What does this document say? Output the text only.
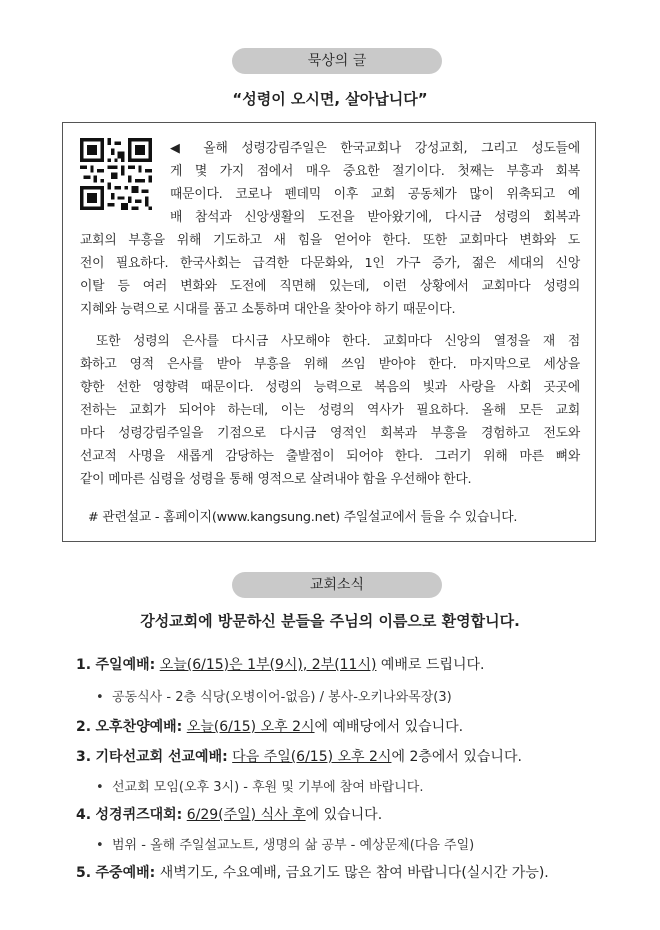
묵상의 글
“성령이 오시면, 살아납니다”
◀ 올해 성령강림주일은 한국교회나 강성교회, 그리고 성도들에
게 몇 가지 점에서 매우 중요한 절기이다. 첫째는 부흥과 회복
때문이다. 코로나 펜데믹 이후 교회 공동체가 많이 위축되고 예
배 참석과 신앙생활의 도전을 받아왔기에, 다시금 성령의 회복과
교회의 부흥을 위해 기도하고 새 힘을 얻어야 한다. 또한 교회마다 변화와 도
전이 필요하다. 한국사회는 급격한 다문화와, 1인 가구 증가, 젊은 세대의 신앙
이탈 등 여러 변화와 도전에 직면해 있는데, 이런 상황에서 교회마다 성령의
지혜와 능력으로 시대를 품고 소통하며 대안을 찾아야 하기 때문이다.
또한 성령의 은사를 다시금 사모해야 한다. 교회마다 신앙의 열정을 재 점
화하고 영적 은사를 받아 부흥을 위해 쓰임 받아야 한다. 마지막으로 세상을
향한 선한 영향력 때문이다. 성령의 능력으로 복음의 빛과 사랑을 사회 곳곳에
전하는 교회가 되어야 하는데, 이는 성령의 역사가 필요하다. 올해 모든 교회
마다 성령강림주일을 기점으로 다시금 영적인 회복과 부흥을 경험하고 전도와
선교적 사명을 새롭게 감당하는 출발점이 되어야 한다. 그러기 위해 마른 뼈와
같이 메마른 심령을 성령을 통해 영적으로 살려내야 함을 우선해야 한다.
# 관련설교 - 홈페이지(www.kangsung.net) 주일설교에서 들을 수 있습니다.
교회소식
강성교회에 방문하신 분들을 주님의 이름으로 환영합니다.
1. 주일예배: 오늘(6/15)은 1부(9시), 2부(11시) 예배로 드립니다.
• 공동식사 - 2층 식당(오병이어-없음) / 봉사-오키나와목장(3)
2. 오후찬양예배: 오늘(6/15) 오후 2시에 예배당에서 있습니다.
3. 기타선교회 선교예배: 다음 주일(6/15) 오후 2시에 2층에서 있습니다.
• 선교회 모임(오후 3시) - 후원 및 기부에 참여 바랍니다.
4. 성경퀴즈대회: 6/29(주일) 식사 후에 있습니다.
• 범위 - 올해 주일설교노트, 생명의 삶 공부 - 예상문제(다음 주일)
5. 주중예배: 새벽기도, 수요예배, 금요기도 많은 참여 바랍니다(실시간 가능).
